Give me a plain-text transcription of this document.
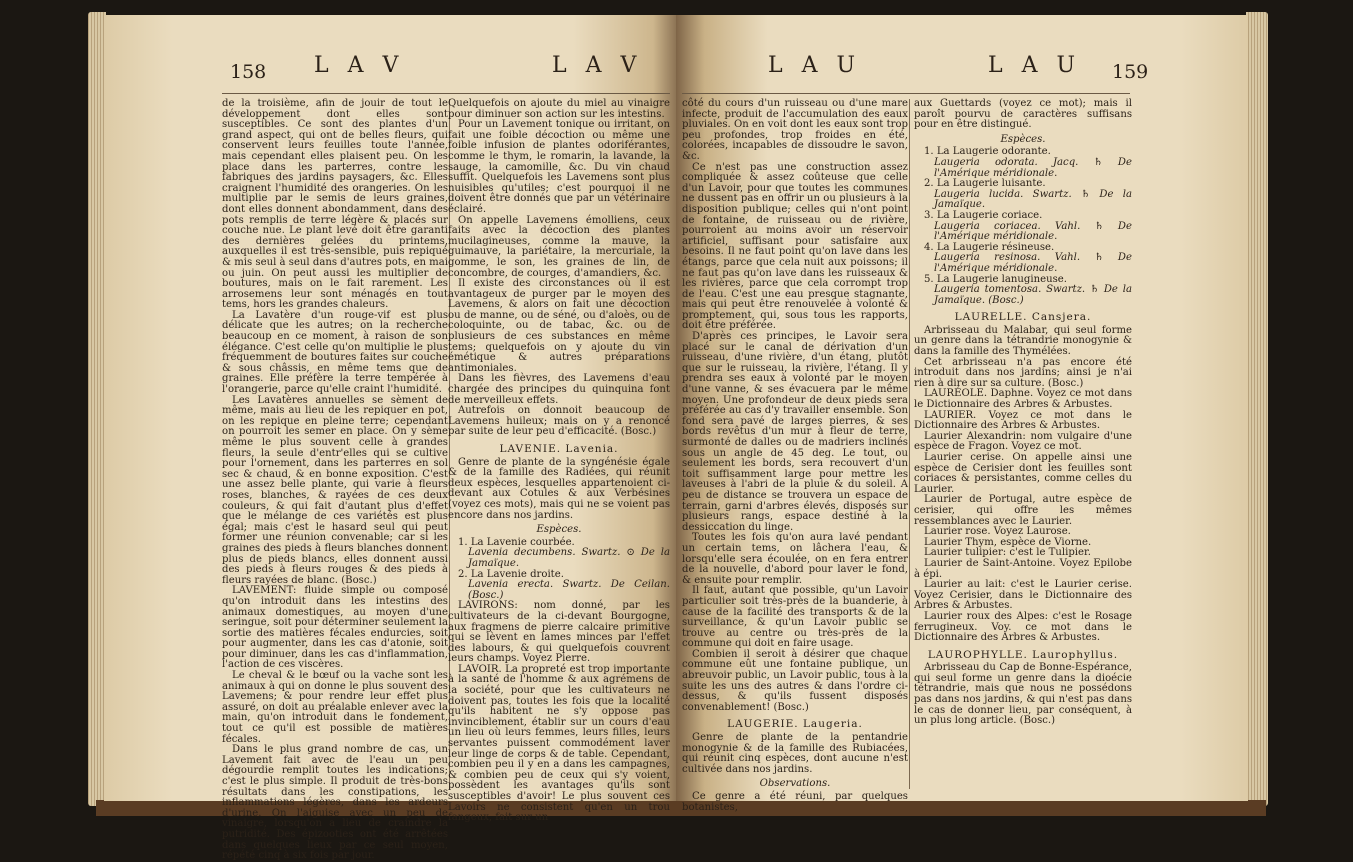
158 L A V	L A V

de la troisième, afin de jouir de tout le développement dont elles sont susceptibles. Ce sont des plantes d'un grand aspect, qui ont de belles fleurs, qui conservent leurs feuilles toute l'année, mais cependant elles plaisent peu. On les place dans les parterres, contre les fabriques des jardins paysagers, &c. Elles craignent l'humidité des orangeries. On les multiplie par le semis de leurs graines, dont elles donnent abondamment, dans des pots remplis de terre légère & placés sur couche nue. Le plant levé doit être garanti des dernières gelées du printems, auxquelles il est très-sensible, puis repiqué & mis seul à seul dans d'autres pots, en mai ou juin. On peut aussi les multiplier de boutures, mais on le fait rarement. Les arrosemens leur sont ménagés en tout tems, hors les grandes chaleurs.

La Lavatère d'un rouge-vif est plus délicate que les autres; on la recherche beaucoup en ce moment, à raison de son élégance. C'est celle qu'on multiplie le plus fréquemment de boutures faites sur couche & sous châssis, en même tems que de graines. Elle préfère la terre tempérée à l'orangerie, parce qu'elle craint l'humidité.

Les Lavatères annuelles se sèment de même, mais au lieu de les repiquer en pot, on les repique en pleine terre; cependant on pourroit les semer en place. On y sème même le plus souvent celle à grandes fleurs, la seule d'entr'elles qui se cultive pour l'ornement, dans les parterres en sol sec & chaud, & en bonne exposition. C'est une assez belle plante, qui varie à fleurs roses, blanches, & rayées de ces deux couleurs, & qui fait d'autant plus d'effet que le mélange de ces variétés est plus égal; mais c'est le hasard seul qui peut former une réunion convenable; car si les graines des pieds à fleurs blanches donnent plus de pieds blancs, elles donnent aussi des pieds à fleurs rouges & des pieds à fleurs rayées de blanc. (Bosc.)

LAVEMENT: fluide simple ou composé qu'on introduit dans les intestins des animaux domestiques, au moyen d'une seringue, soit pour déterminer seulement la sortie des matières fécales endurcies, soit pour augmenter, dans les cas d'atonie, soit pour diminuer, dans les cas d'inflammation, l'action de ces viscères.

Le cheval & le bœuf ou la vache sont les animaux à qui on donne le plus souvent des Lavemens; & pour rendre leur effet plus assuré, on doit au préalable enlever avec la main, qu'on introduit dans le fondement, tout ce qu'il est possible de matières fécales.

Dans le plus grand nombre de cas, un Lavement fait avec de l'eau un peu dégourdie remplit toutes les indications; c'est le plus simple. Il produit de très-bons résultats dans les constipations, les inflammations légères, dans les ardeurs d'urine. On l'aiguise avec un peu de vinaigre, lorsqu'on a lieu de craindre la putridité. Des épizooties ont été arrêtées dans quelques lieux par ce seul moyen, répété cinq à six fois par jour.

Quelquefois on ajoute du miel au vinaigre pour diminuer son action sur les intestins.

Pour un Lavement tonique ou irritant, on fait une foible décoction ou même une foible infusion de plantes odoriférantes, comme le thym, le romarin, la lavande, la sauge, la camomille, &c. Du vin chaud suffit. Quelquefois les Lavemens sont plus nuisibles qu'utiles; c'est pourquoi il ne doivent être donnés que par un vétérinaire éclairé.

On appelle Lavemens émolliens, ceux faits avec la décoction des plantes mucilagineuses, comme la mauve, la guimauve, la pariétaire, la mercuriale, la gomme, le son, les graines de lin, de concombre, de courges, d'amandiers, &c.

Il existe des circonstances où il est avantageux de purger par le moyen des Lavemens, & alors on fait une décoction ou de manne, ou de séné, ou d'aloès, ou de coloquinte, ou de tabac, &c. ou de plusieurs de ces substances en même tems; quelquefois on y ajoute du vin émétique & autres préparations antimoniales.

Dans les fièvres, des Lavemens d'eau chargée des principes du quinquina font de merveilleux effets.

Autrefois on donnoit beaucoup de Lavemens huileux; mais on y a renoncé par suite de leur peu d'efficacité. (Bosc.)

LAVENIE. Lavenia.

Genre de plante de la syngénésie égale & de la famille des Radiées, qui réunit deux espèces, lesquelles appartenoient ci-devant aux Cotules & aux Verbésines (voyez ces mots), mais qui ne se voient pas encore dans nos jardins.

Espèces.

1. La Lavenie courbée.

Lavenia decumbens. Swartz. ⊙ De la Jamaïque.

2. La Lavenie droite.

Lavenia erecta. Swartz. De Ceilan. (Bosc.)

LAVIRONS: nom donné, par les cultivateurs de la ci-devant Bourgogne, aux fragmens de pierre calcaire primitive qui se lèvent en lames minces par l'effet des labours, & qui quelquefois couvrent leurs champs. Voyez Pierre.

LAVOIR. La propreté est trop importante à la santé de l'homme & aux agrémens de la société, pour que les cultivateurs ne doivent pas, toutes les fois que la localité qu'ils habitent ne s'y oppose pas invinciblement, établir sur un cours d'eau un lieu où leurs femmes, leurs filles, leurs servantes puissent commodément laver leur linge de corps & de table. Cependant, combien peu il y en a dans les campagnes, & combien peu de ceux qui s'y voient, possèdent les avantages qu'ils sont susceptibles d'avoir! Le plus souvent ces Lavoirs ne consistent qu'en un trou fangeux, fait sur un

L A U	L A U 159

côté du cours d'un ruisseau ou d'une mare infecte, produit de l'accumulation des eaux pluviales. On en voit dont les eaux sont trop peu profondes, trop froides en été, colorées, incapables de dissoudre le savon, &c.

Ce n'est pas une construction assez compliquée & assez coûteuse que celle d'un Lavoir, pour que toutes les communes ne dussent pas en offrir un ou plusieurs à la disposition publique; celles qui n'ont point de fontaine, de ruisseau ou de rivière, pourroient au moins avoir un réservoir artificiel, suffisant pour satisfaire aux besoins. Il ne faut point qu'on lave dans les étangs, parce que cela nuit aux poissons; il ne faut pas qu'on lave dans les ruisseaux & les rivières, parce que cela corrompt trop de l'eau. C'est une eau presque stagnante, mais qui peut être renouvelée à volonté & promptement, qui, sous tous les rapports, doit être préférée.

D'après ces principes, le Lavoir sera placé sur le canal de dérivation d'un ruisseau, d'une rivière, d'un étang, plutôt que sur le ruisseau, la rivière, l'étang. Il y prendra ses eaux à volonté par le moyen d'une vanne, & ses évacuera par le même moyen. Une profondeur de deux pieds sera préférée au cas d'y travailler ensemble. Son fond sera pavé de larges pierres, & ses bords revêtus d'un mur à fleur de terre, surmonté de dalles ou de madriers inclinés sous un angle de 45 deg. Le tout, ou seulement les bords, sera recouvert d'un toit suffisamment large pour mettre les laveuses à l'abri de la pluie & du soleil. A peu de distance se trouvera un espace de terrain, garni d'arbres élevés, disposés sur plusieurs rangs, espace destiné à la dessiccation du linge.

Toutes les fois qu'on aura lavé pendant un certain tems, on lâchera l'eau, & lorsqu'elle sera écoulée, on en fera entrer de la nouvelle, d'abord pour laver le fond, & ensuite pour remplir.

Il faut, autant que possible, qu'un Lavoir particulier soit très-près de la buanderie, à cause de la facilité des transports & de la surveillance, & qu'un Lavoir public se trouve au centre ou très-près de la commune qui doit en faire usage.

Combien il seroit à désirer que chaque commune eût une fontaine publique, un abreuvoir public, un Lavoir public, tous à la suite les uns des autres & dans l'ordre ci-dessus, & qu'ils fussent disposés convenablement! (Bosc.)

LAUGERIE. Laugeria.

Genre de plante de la pentandrie monogynie & de la famille des Rubiacées, qui réunit cinq espèces, dont aucune n'est cultivée dans nos jardins.

Observations.

Ce genre a été réuni, par quelques botanistes,

aux Guettards (voyez ce mot); mais il paroît pourvu de caractères suffisans pour en être distingué.

Espèces.

1. La Laugerie odorante.

Laugeria odorata. Jacq. ♄ De l'Amérique méridionale.

2. La Laugerie luisante.

Laugeria lucida. Swartz. ♄ De la Jamaïque.

3. La Laugerie coriace.

Laugeria coriacea. Vahl. ♄ De l'Amérique méridionale.

4. La Laugerie résineuse.

Laugeria resinosa. Vahl. ♄ De l'Amérique méridionale.

5. La Laugerie lanugineuse.

Laugeria tomentosa. Swartz. ♄ De la Jamaïque. (Bosc.)

LAURELLE. Cansjera.

Arbrisseau du Malabar, qui seul forme un genre dans la tétrandrie monogynie & dans la famille des Thymélées.

Cet arbrisseau n'a pas encore été introduit dans nos jardins; ainsi je n'ai rien à dire sur sa culture. (Bosc.)

LAURÉOLE. Daphne. Voyez ce mot dans le Dictionnaire des Arbres & Arbustes.

LAURIER. Voyez ce mot dans le Dictionnaire des Arbres & Arbustes.

Laurier Alexandrin: nom vulgaire d'une espèce de Fragon. Voyez ce mot.

Laurier cerise. On appelle ainsi une espèce de Cerisier dont les feuilles sont coriaces & persistantes, comme celles du Laurier.

Laurier de Portugal, autre espèce de cerisier, qui offre les mêmes ressemblances avec le Laurier.

Laurier rose. Voyez Laurose.

Laurier Thym, espèce de Viorne.

Laurier tulipier: c'est le Tulipier.

Laurier de Saint-Antoine. Voyez Epilobe à épi.

Laurier au lait: c'est le Laurier cerise. Voyez Cerisier, dans le Dictionnaire des Arbres & Arbustes.

Laurier roux des Alpes: c'est le Rosage ferrugineux. Voy. ce mot dans le Dictionnaire des Arbres & Arbustes.

LAUROPHYLLE. Laurophyllus.

Arbrisseau du Cap de Bonne-Espérance, qui seul forme un genre dans la dioécie tétrandrie, mais que nous ne possédons pas dans nos jardins, & qui n'est pas dans le cas de donner lieu, par conséquent, à un plus long article. (Bosc.)
